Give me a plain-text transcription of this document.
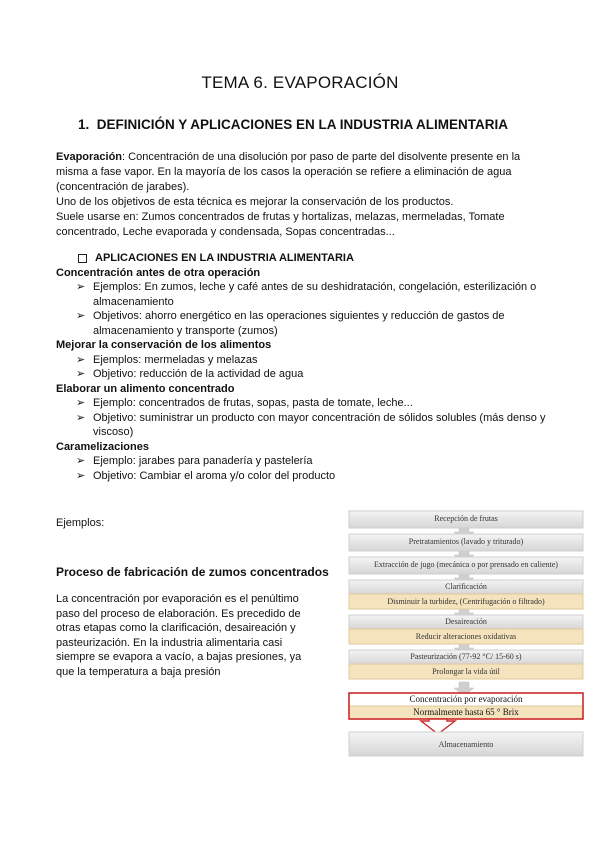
TEMA 6. EVAPORACIÓN
1. DEFINICIÓN Y APLICACIONES EN LA INDUSTRIA ALIMENTARIA

Evaporación: Concentración de una disolución por paso de parte del disolvente presente en la misma a fase vapor. En la mayoría de los casos la operación se refiere a eliminación de agua (concentración de jarabes).

Uno de los objetivos de esta técnica es mejorar la conservación de los productos.

Suele usarse en: Zumos concentrados de frutas y hortalizas, melazas, mermeladas, Tomate concentrado, Leche evaporada y condensada, Sopas concentradas...

APLICACIONES EN LA INDUSTRIA ALIMENTARIA
Concentración antes de otra operación
➢ Ejemplos: En zumos, leche y café antes de su deshidratación, congelación, esterilización o almacenamiento
➢ Objetivos: ahorro energético en las operaciones siguientes y reducción de gastos de almacenamiento y transporte (zumos)
Mejorar la conservación de los alimentos
➢ Ejemplos: mermeladas y melazas
➢ Objetivo: reducción de la actividad de agua
Elaborar un alimento concentrado
➢ Ejemplo: concentrados de frutas, sopas, pasta de tomate, leche...
➢ Objetivo: suministrar un producto con mayor concentración de sólidos solubles (más denso y viscoso)
Caramelizaciones
➢ Ejemplo: jarabes para panadería y pastelería
➢ Objetivo: Cambiar el aroma y/o color del producto
Ejemplos:
Proceso de fabricación de zumos concentrados
La concentración por evaporación es el penúltimo paso del proceso de elaboración. Es precedido de otras etapas como la clarificación, desaireación y pasteurización. En la industria alimentaria casi siempre se evapora a vacío, a bajas presiones, ya que la temperatura a baja presión
Recepción de frutas
Pretratamientos (lavado y triturado)
Extracción de jugo (mecánica o por prensado en caliente)
Clarificación
Disminuir la turbidez, (Centrifugación o filtrado)
Desaireación
Reducir alteraciones oxidativas
Pasteurización (77-92 °C/ 15-60 s)
Prolongar la vida útil
Concentración por evaporación
Normalmente hasta 65 ° Brix
Almacenamiento
